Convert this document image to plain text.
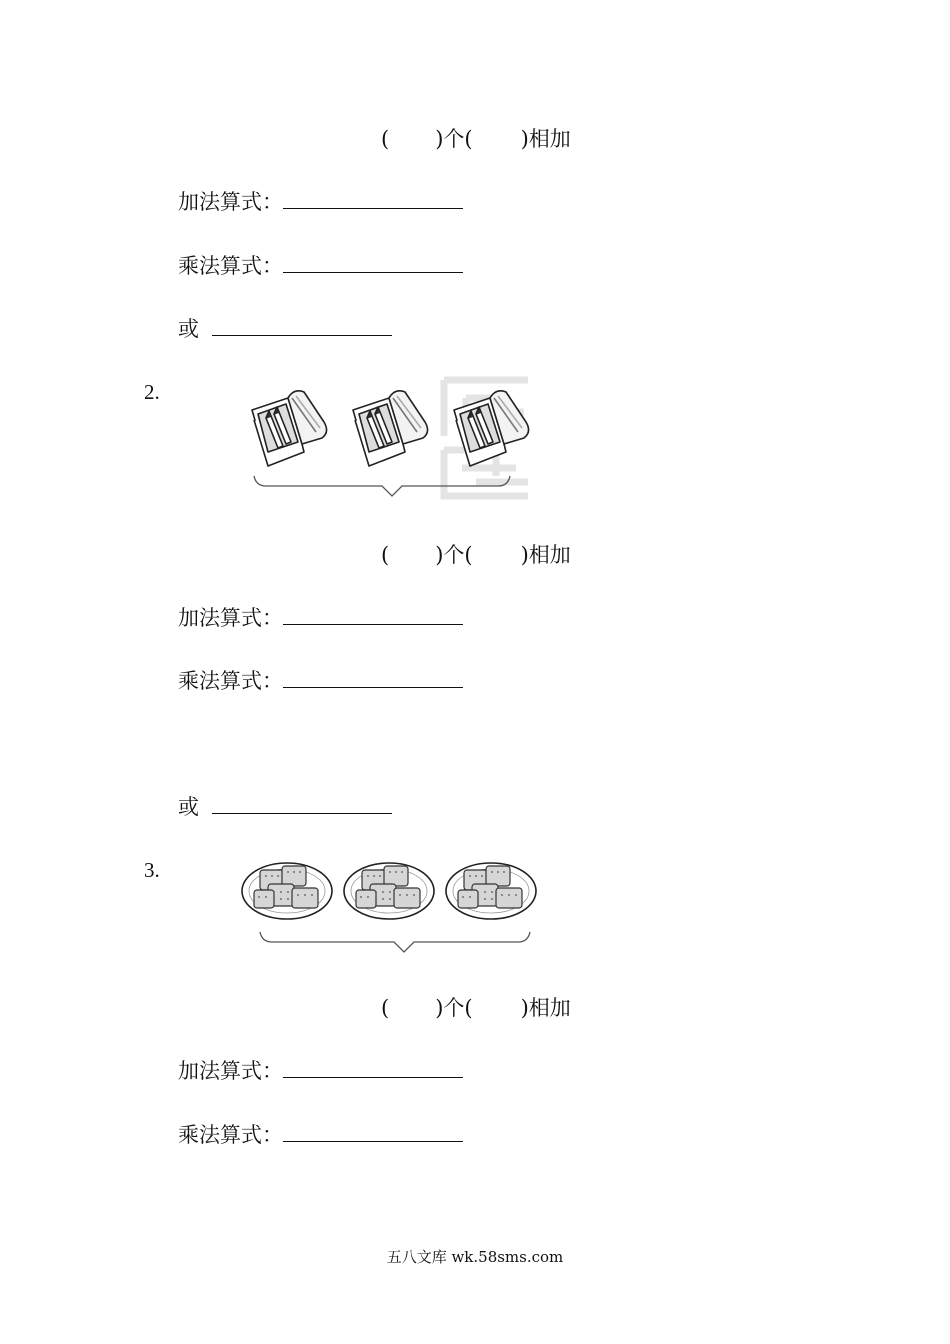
( )个( )相加
加法算式：
乘法算式：
或
2.
( )个( )相加
加法算式：
乘法算式：
或
3.
( )个( )相加
加法算式：
乘法算式：
五八文库 wk.58sms.com
